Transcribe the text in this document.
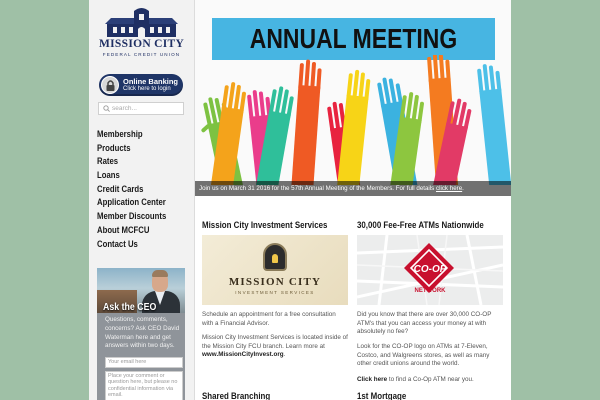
MISSION CITY
FEDERAL CREDIT UNION
Online Banking
Click here to login
search...
Membership
Products
Rates
Loans
Credit Cards
Application Center
Member Discounts
About MCFCU
Contact Us
Ask the CEO
Questions, comments, concerns? Ask CEO David Waterman here and get answers within two days.
Your email here
Place your comment or question here, but please no confidential information via email.
ANNUAL MEETING
Join us on March 31 2016 for the 57th Annual Meeting of the Members. For full details click here.
Mission City Investment Services
MISSION CITY
INVESTMENT SERVICES
Schedule an appointment for a free consultation with a Financial Advisor.
Mission City Investment Services is located inside of the Mission City FCU branch. Learn more at www.MissionCityInvest.org.
30,000 Fee-Free ATMs Nationwide
CO-OP
NETWORK
Did you know that there are over 30,000 CO-OP ATM's that you can access your money at with absolutely no fee?
Look for the CO-OP logo on ATMs at 7-Eleven, Costco, and Walgreens stores, as well as many other credit unions around the world.
Click here to find a Co-Op ATM near you.
Shared Branching	1st Mortgage
